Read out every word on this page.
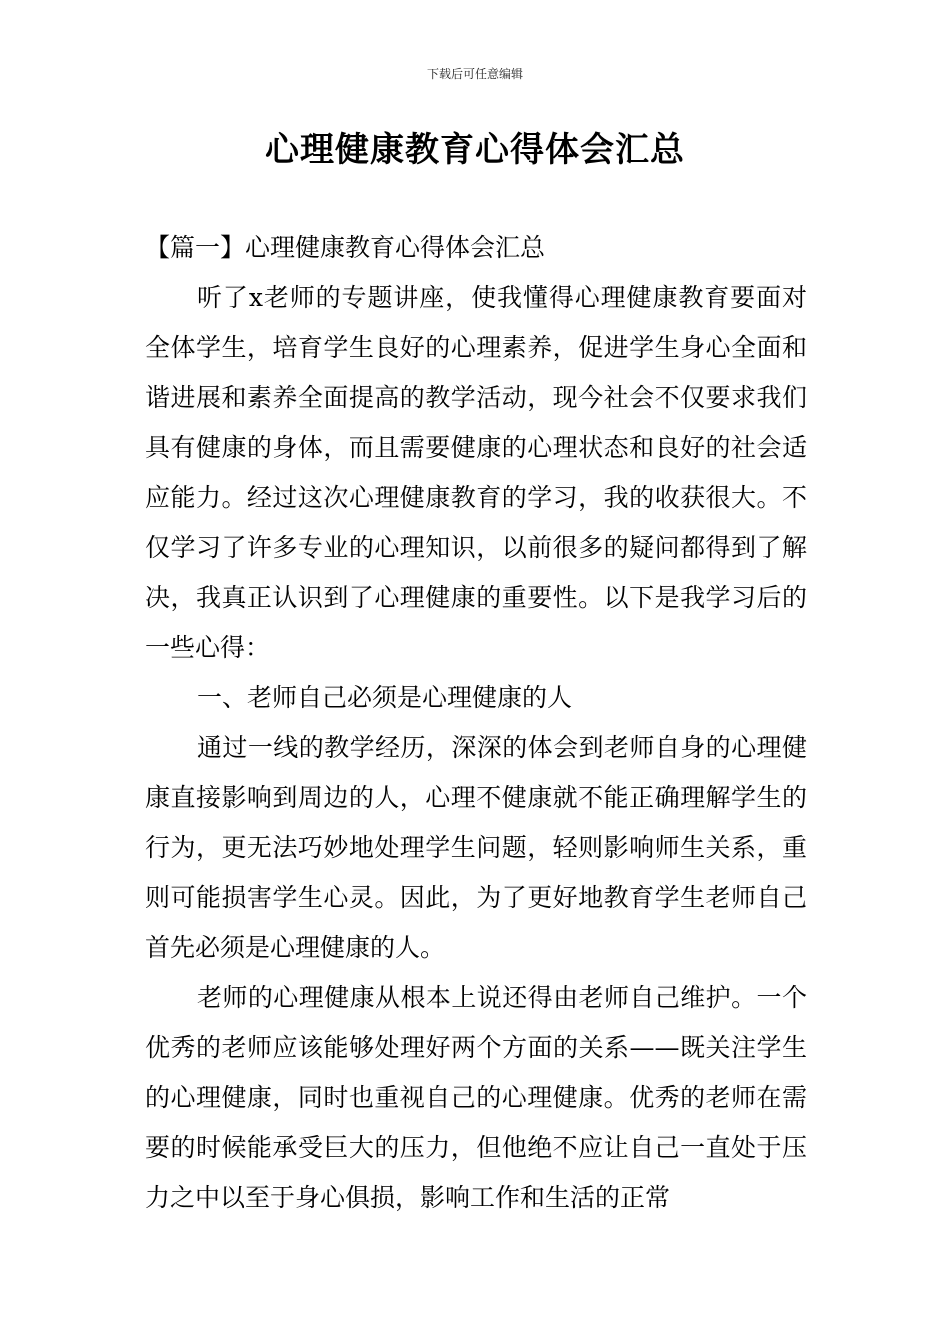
下载后可任意编辑
心理健康教育心得体会汇总

【篇一】心理健康教育心得体会汇总

听了x老师的专题讲座，使我懂得心理健康教育要面对全体学生，培育学生良好的心理素养，促进学生身心全面和谐进展和素养全面提高的教学活动，现今社会不仅要求我们具有健康的身体，而且需要健康的心理状态和良好的社会适应能力。经过这次心理健康教育的学习，我的收获很大。不仅学习了许多专业的心理知识，以前很多的疑问都得到了解决，我真正认识到了心理健康的重要性。以下是我学习后的一些心得：

一、老师自己必须是心理健康的人

通过一线的教学经历，深深的体会到老师自身的心理健康直接影响到周边的人，心理不健康就不能正确理解学生的行为，更无法巧妙地处理学生问题，轻则影响师生关系，重则可能损害学生心灵。因此，为了更好地教育学生老师自己首先必须是心理健康的人。

老师的心理健康从根本上说还得由老师自己维护。一个优秀的老师应该能够处理好两个方面的关系——既关注学生的心理健康，同时也重视自己的心理健康。优秀的老师在需要的时候能承受巨大的压力，但他绝不应让自己一直处于压力之中以至于身心俱损，影响工作和生活的正常
